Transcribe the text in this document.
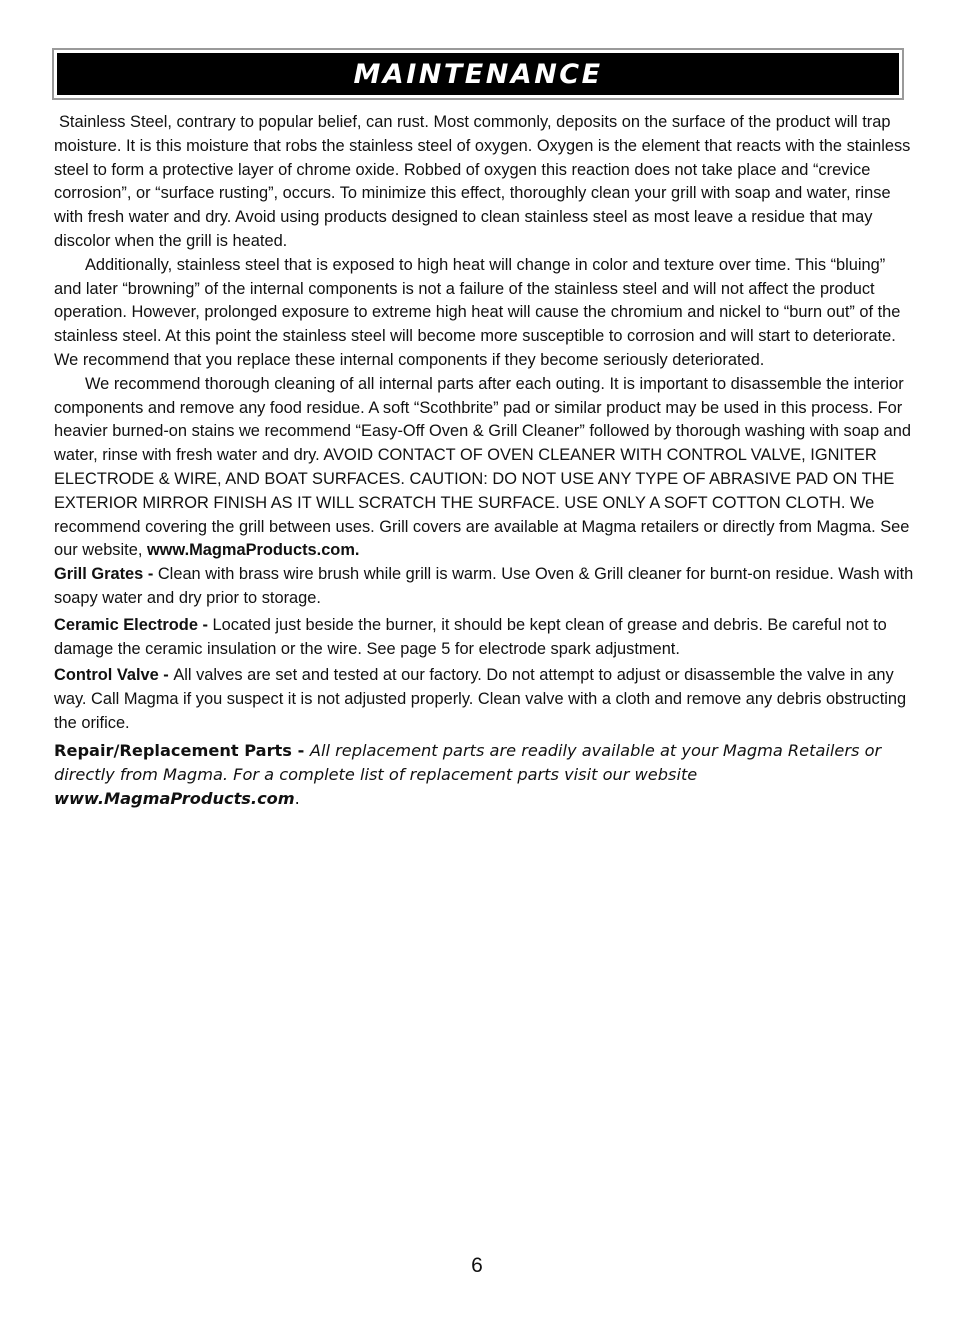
MAINTENANCE

Stainless Steel, contrary to popular belief, can rust. Most commonly, deposits on the surface of the product will trap moisture. It is this moisture that robs the stainless steel of oxygen. Oxygen is the element that reacts with the stainless steel to form a protective layer of chrome oxide. Robbed of oxygen this reaction does not take place and “crevice corrosion”, or “surface rusting”, occurs. To minimize this effect, thoroughly clean your grill with soap and water, rinse with fresh water and dry. Avoid using products designed to clean stainless steel as most leave a residue that may discolor when the grill is heated.

Additionally, stainless steel that is exposed to high heat will change in color and texture over time. This “bluing” and later “browning” of the internal components is not a failure of the stainless steel and will not affect the product operation. However, prolonged exposure to extreme high heat will cause the chromium and nickel to “burn out” of the stainless steel. At this point the stainless steel will become more susceptible to corrosion and will start to deteriorate. We recommend that you replace these internal components if they become seriously deteriorated.

We recommend thorough cleaning of all internal parts after each outing. It is important to disassemble the interior components and remove any food residue. A soft “Scothbrite” pad or similar product may be used in this process. For heavier burned-on stains we recommend “Easy-Off Oven & Grill Cleaner” followed by thorough washing with soap and water, rinse with fresh water and dry. AVOID CONTACT OF OVEN CLEANER WITH CONTROL VALVE, IGNITER ELECTRODE & WIRE, AND BOAT SURFACES. CAUTION: DO NOT USE ANY TYPE OF ABRASIVE PAD ON THE EXTERIOR MIRROR FINISH AS IT WILL SCRATCH THE SURFACE. USE ONLY A SOFT COTTON CLOTH. We recommend covering the grill between uses. Grill covers are available at Magma retailers or directly from Magma. See our website, www.MagmaProducts.com.

Grill Grates - Clean with brass wire brush while grill is warm. Use Oven & Grill cleaner for burnt-on residue. Wash with soapy water and dry prior to storage.

Ceramic Electrode - Located just beside the burner, it should be kept clean of grease and debris. Be careful not to damage the ceramic insulation or the wire. See page 5 for electrode spark adjustment.

Control Valve - All valves are set and tested at our factory. Do not attempt to adjust or disassemble the valve in any way. Call Magma if you suspect it is not adjusted properly. Clean valve with a cloth and remove any debris obstructing the orifice.

Repair/Replacement Parts - All replacement parts are readily available at your Magma Retailers or directly from Magma. For a complete list of replacement parts visit our website www.MagmaProducts.com.

6
